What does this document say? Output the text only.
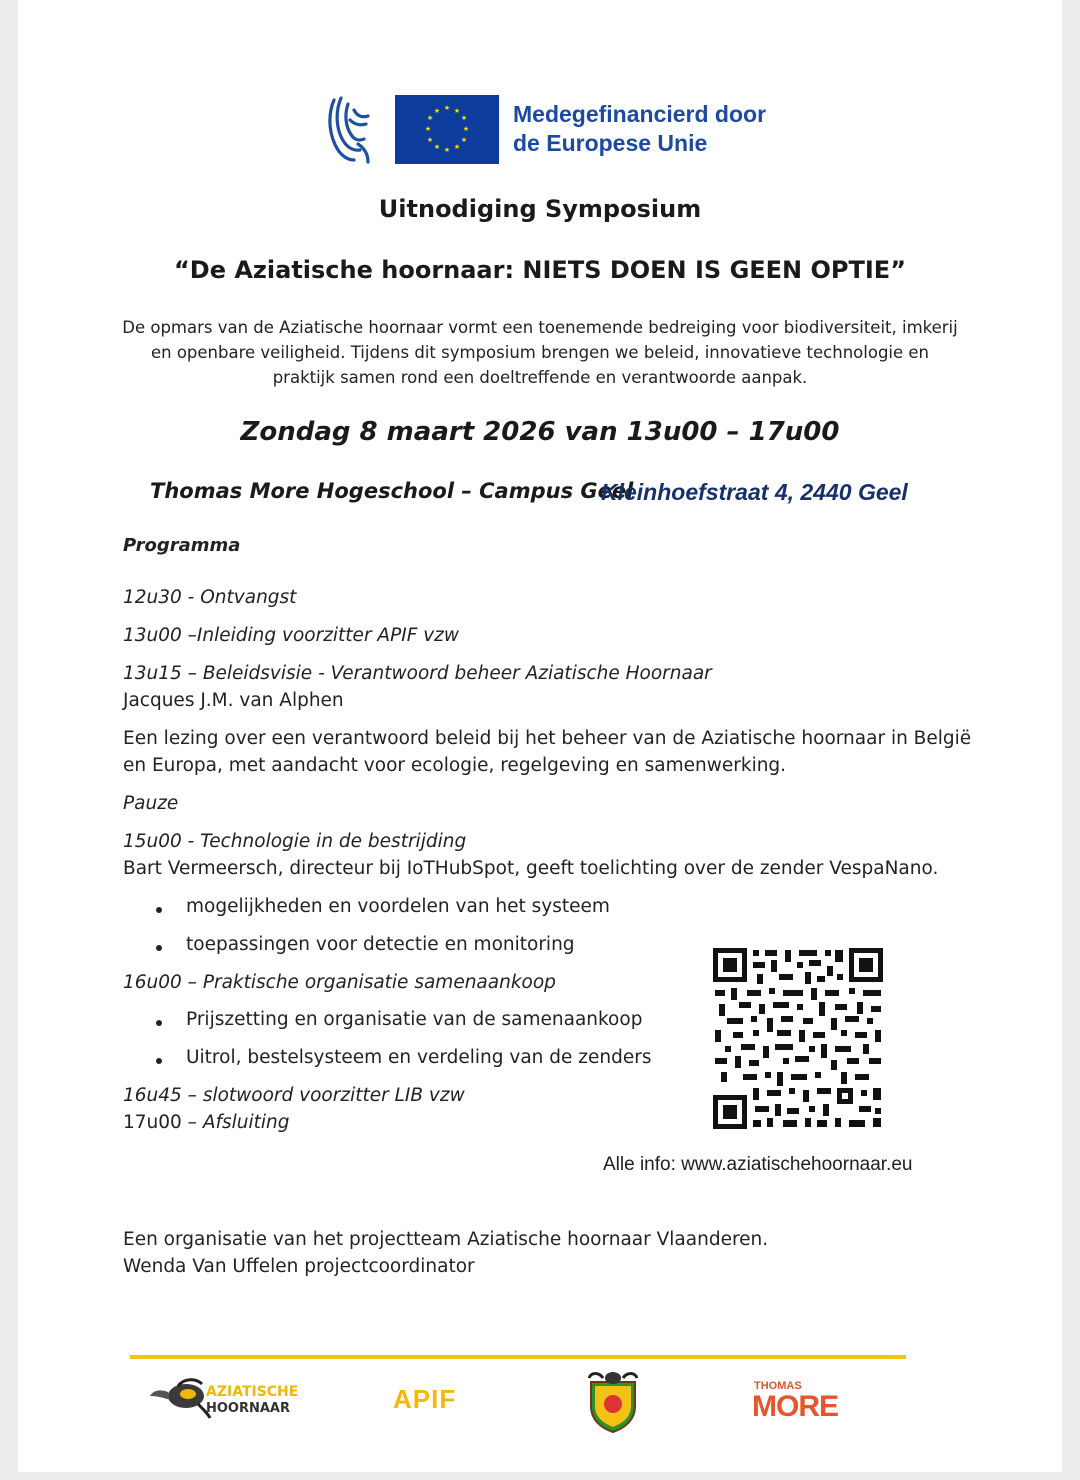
★ ★
★
★
★
★
★
★
★
★
★
★	Medegefinancierd door
de Europese Unie
Uitnodiging Symposium
“De Aziatische hoornaar: NIETS DOEN IS GEEN OPTIE”
De opmars van de Aziatische hoornaar vormt een toenemende bedreiging voor biodiversiteit, imkerij
en openbare veiligheid. Tijdens dit symposium brengen we beleid, innovatieve technologie en
praktijk samen rond een doeltreffende en verantwoorde aanpak.
Zondag 8 maart 2026 van 13u00 – 17u00
Thomas More Hogeschool – Campus Geel
Kleinhoefstraat 4, 2440 Geel
Programma
12u30 - Ontvangst
13u00 –Inleiding voorzitter APIF vzw
13u15 – Beleidsvisie - Verantwoord beheer Aziatische Hoornaar
Jacques J.M. van Alphen
Een lezing over een verantwoord beleid bij het beheer van de Aziatische hoornaar in België
en Europa, met aandacht voor ecologie, regelgeving en samenwerking.
Pauze
15u00 - Technologie in de bestrijding
Bart Vermeersch, directeur bij IoTHubSpot, geeft toelichting over de zender VespaNano.
mogelijkheden en voordelen van het systeem
toepassingen voor detectie en monitoring
16u00 – Praktische organisatie samenaankoop
Prijszetting en organisatie van de samenaankoop
Uitrol, bestelsysteem en verdeling van de zenders
16u45 – slotwoord voorzitter LIB vzw
17u00 – Afsluiting
Alle info: www.aziatischehoornaar.eu
Een organisatie van het projectteam Aziatische hoornaar Vlaanderen.
Wenda Van Uffelen projectcoordinator
AZIATISCHE
HOORNAAR	APIF	THOMAS
MORE
